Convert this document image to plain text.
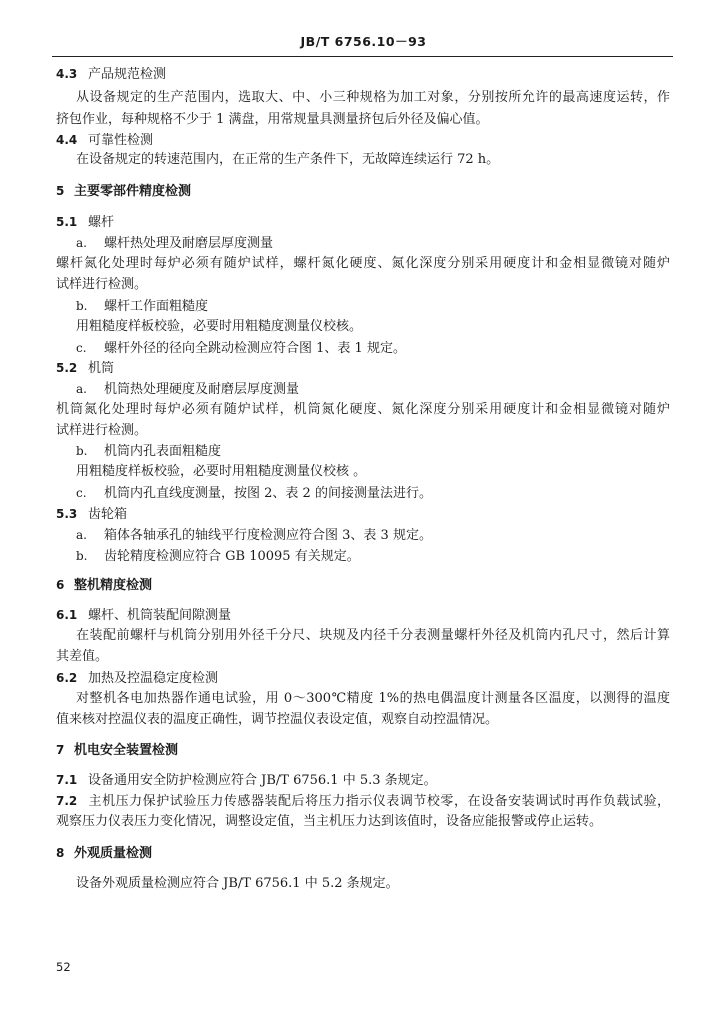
JB/T 6756.10－93
4.3 产品规范检测
从设备规定的生产范围内，选取大、中、小三种规格为加工对象，分别按所允许的最高速度运转，作
挤包作业，每种规格不少于 1 满盘，用常规量具测量挤包后外径及偏心值。
4.4 可靠性检测
在设备规定的转速范围内，在正常的生产条件下，无故障连续运行 72 h。
5 主要零部件精度检测
5.1 螺杆
a. 螺杆热处理及耐磨层厚度测量
螺杆氮化处理时每炉必须有随炉试样，螺杆氮化硬度、氮化深度分别采用硬度计和金相显微镜对随炉
试样进行检测。
b. 螺杆工作面粗糙度
用粗糙度样板校验，必要时用粗糙度测量仪校核。
c. 螺杆外径的径向全跳动检测应符合图 1、表 1 规定。
5.2 机筒
a. 机筒热处理硬度及耐磨层厚度测量
机筒氮化处理时每炉必须有随炉试样，机筒氮化硬度、氮化深度分别采用硬度计和金相显微镜对随炉
试样进行检测。
b. 机筒内孔表面粗糙度
用粗糙度样板校验，必要时用粗糙度测量仪校核 。
c. 机筒内孔直线度测量，按图 2、表 2 的间接测量法进行。
5.3 齿轮箱
a. 箱体各轴承孔的轴线平行度检测应符合图 3、表 3 规定。
b. 齿轮精度检测应符合 GB 10095 有关规定。
6 整机精度检测
6.1 螺杆、机筒装配间隙测量
在装配前螺杆与机筒分别用外径千分尺、块规及内径千分表测量螺杆外径及机筒内孔尺寸，然后计算
其差值。
6.2 加热及控温稳定度检测
对整机各电加热器作通电试验，用 0～300℃精度 1%的热电偶温度计测量各区温度，以测得的温度
值来核对控温仪表的温度正确性，调节控温仪表设定值，观察自动控温情况。
7 机电安全装置检测
7.1 设备通用安全防护检测应符合 JB/T 6756.1 中 5.3 条规定。
7.2 主机压力保护试验压力传感器装配后将压力指示仪表调节校零，在设备安装调试时再作负载试验，
观察压力仪表压力变化情况，调整设定值，当主机压力达到该值时，设备应能报警或停止运转。
8 外观质量检测
设备外观质量检测应符合 JB/T 6756.1 中 5.2 条规定。
52
